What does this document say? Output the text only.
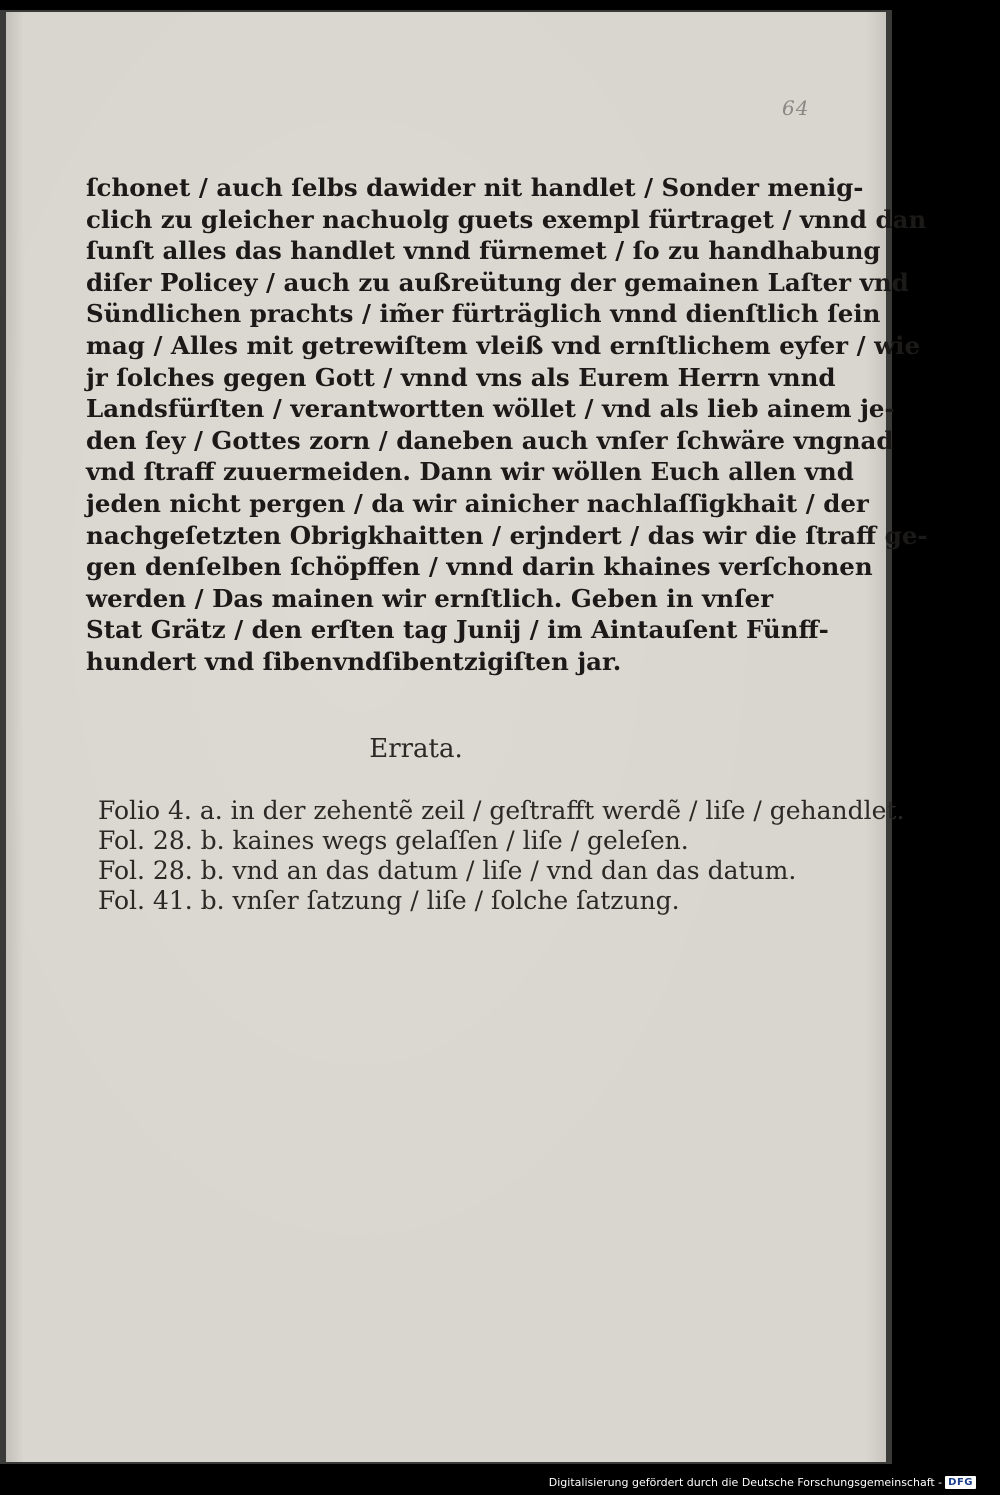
64
ſchonet / auch ſelbs dawider nit handlet / Sonder menig-
clich zu gleicher nachuolg guets exempl fürtraget / vnnd dan
ſunſt alles das handlet vnnd fürnemet / ſo zu handhabung
diſer Policey / auch zu außreütung der gemainen Laſter vnd
Sündlichen prachts / im̃er fürträglich vnnd dienſtlich ſein
mag / Alles mit getrewiſtem vleiß vnd ernſtlichem eyfer / wie
jr ſolches gegen Gott / vnnd vns als Eurem Herrn vnnd
Landsfürſten / verantwortten wöllet / vnd als lieb ainem je-
den ſey / Gottes zorn / daneben auch vnſer ſchwäre vngnad
vnd ſtraff zuuermeiden. Dann wir wöllen Euch allen vnd
jeden nicht pergen / da wir ainicher nachlaſſigkhait / der
nachgeſetzten Obrigkhaitten / erjndert / das wir die ſtraff ge-
gen denſelben ſchöpffen / vnnd darin khaines verſchonen
werden / Das mainen wir ernſtlich. Geben in vnſer
Stat Grätz / den erſten tag Junij / im Aintauſent Fünff-
hundert vnd ſibenvndſibentzigiſten jar.
Errata.
Folio 4. a. in der zehentẽ zeil / geſtrafft werdẽ / liſe / gehandlet.
Fol. 28. b. kaines wegs gelaſſen / liſe / geleſen.
Fol. 28. b. vnd an das datum / liſe / vnd dan das datum.
Fol. 41. b. vnſer ſatzung / liſe / ſolche ſatzung.
Digitalisierung gefördert durch die Deutsche Forschungsgemeinschaft - DFG
